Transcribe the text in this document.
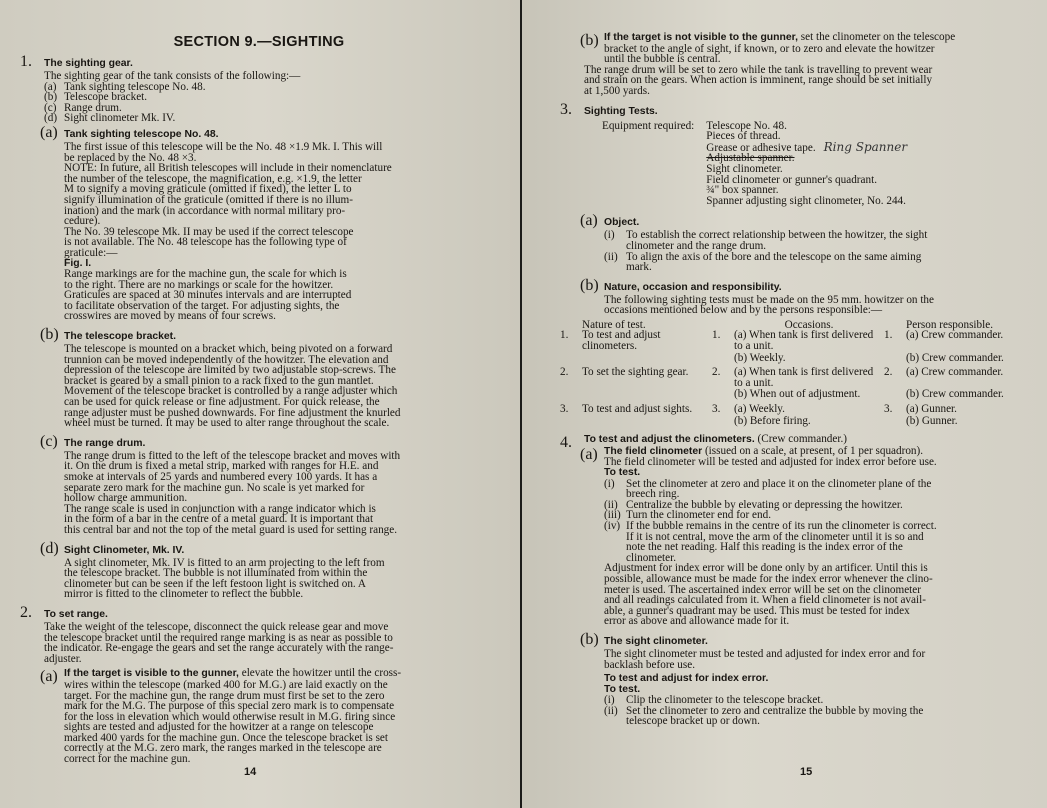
SECTION 9.—SIGHTING
1. The sighting gear.
The sighting gear of the tank consists of the following:—
(a) Tank sighting telescope No. 48.
(b) Telescope bracket.
(c) Range drum.
(d) Sight clinometer Mk. IV.
(a) Tank sighting telescope No. 48.
The first issue of this telescope will be the No. 48 ×1.9 Mk. I. This will
be replaced by the No. 48 ×3.
NOTE: In future, all British telescopes will include in their nomenclature
the number of the telescope, the magnification, e.g. ×1.9, the letter
M to signify a moving graticule (omitted if fixed), the letter L to
signify illumination of the graticule (omitted if there is no illum-
ination) and the mark (in accordance with normal military pro-
cedure).
The No. 39 telescope Mk. II may be used if the correct telescope
is not available. The No. 48 telescope has the following type of
graticule:—
Fig. I.
Range markings are for the machine gun, the scale for which is
to the right. There are no markings or scale for the howitzer.
Graticules are spaced at 30 minutes intervals and are interrupted
to facilitate observation of the target. For adjusting sights, the
crosswires are moved by means of four screws.
(b) The telescope bracket.
The telescope is mounted on a bracket which, being pivoted on a forward
trunnion can be moved independently of the howitzer. The elevation and
depression of the telescope are limited by two adjustable stop-screws. The
bracket is geared by a small pinion to a rack fixed to the gun mantlet.
Movement of the telescope bracket is controlled by a range adjuster which
can be used for quick release or fine adjustment. For quick release, the
range adjuster must be pushed downwards. For fine adjustment the knurled
wheel must be turned. It may be used to alter range throughout the scale.
(c) The range drum.
The range drum is fitted to the left of the telescope bracket and moves with
it. On the drum is fixed a metal strip, marked with ranges for H.E. and
smoke at intervals of 25 yards and numbered every 100 yards. It has a
separate zero mark for the machine gun. No scale is yet marked for
hollow charge ammunition.
The range scale is used in conjunction with a range indicator which is
in the form of a bar in the centre of a metal guard. It is important that
this central bar and not the top of the metal guard is used for setting range.
(d) Sight Clinometer, Mk. IV.
A sight clinometer, Mk. IV is fitted to an arm projecting to the left from
the telescope bracket. The bubble is not illuminated from within the
clinometer but can be seen if the left festoon light is switched on. A
mirror is fitted to the clinometer to reflect the bubble.
2. To set range.
Take the weight of the telescope, disconnect the quick release gear and move
the telescope bracket until the required range marking is as near as possible to
the indicator. Re-engage the gears and set the range accurately with the range-
adjuster.
(a) If the target is visible to the gunner, elevate the howitzer until the cross-
wires within the telescope (marked 400 for M.G.) are laid exactly on the
target. For the machine gun, the range drum must first be set to the zero
mark for the M.G. The purpose of this special zero mark is to compensate
for the loss in elevation which would otherwise result in M.G. firing since
sights are tested and adjusted for the howitzer at a range on telescope
marked 400 yards for the machine gun. Once the telescope bracket is set
correctly at the M.G. zero mark, the ranges marked in the telescope are
correct for the machine gun.
14
(b) If the target is not visible to the gunner, set the clinometer on the telescope
bracket to the angle of sight, if known, or to zero and elevate the howitzer
until the bubble is central.
The range drum will be set to zero while the tank is travelling to prevent wear
and strain on the gears. When action is imminent, range should be set initially
at 1,500 yards.
3. Sighting Tests.
Equipment required:	Telescope No. 48.
Pieces of thread.
Grease or adhesive tape. Ring Spanner
Adjustable spanner.
Sight clinometer.
Field clinometer or gunner's quadrant.
¾" box spanner.
Spanner adjusting sight clinometer, No. 244.
(a) Object.
(i) To establish the correct relationship between the howitzer, the sight
clinometer and the range drum.
(ii) To align the axis of the bore and the telescope on the same aiming
mark.
(b) Nature, occasion and responsibility.
The following sighting tests must be made on the 95 mm. howitzer on the
occasions mentioned below and by the persons responsible:—
	Nature of test.		Occasions.		Person responsible.
1.	To test and adjust clinometers.	1.	(a) When tank is first delivered to a unit.	1.	(a) Crew commander.
			(b) Weekly.		(b) Crew commander.
2.	To set the sighting gear.	2.	(a) When tank is first delivered to a unit.	2.	(a) Crew commander.
			(b) When out of adjustment.		(b) Crew commander.
3.	To test and adjust sights.	3.	(a) Weekly.	3.	(a) Gunner.
			(b) Before firing.		(b) Gunner.
4. To test and adjust the clinometers. (Crew commander.)
(a) The field clinometer (issued on a scale, at present, of 1 per squadron).
The field clinometer will be tested and adjusted for index error before use.
To test.
(i) Set the clinometer at zero and place it on the clinometer plane of the
breech ring.
(ii) Centralize the bubble by elevating or depressing the howitzer.
(iii) Turn the clinometer end for end.
(iv) If the bubble remains in the centre of its run the clinometer is correct.
If it is not central, move the arm of the clinometer until it is so and
note the net reading. Half this reading is the index error of the
clinometer.
Adjustment for index error will be done only by an artificer. Until this is
possible, allowance must be made for the index error whenever the clino-
meter is used. The ascertained index error will be set on the clinometer
and all readings calculated from it. When a field clinometer is not avail-
able, a gunner's quadrant may be used. This must be tested for index
error as above and allowance made for it.
(b) The sight clinometer.
The sight clinometer must be tested and adjusted for index error and for
backlash before use.
To test and adjust for index error.
To test.
(i) Clip the clinometer to the telescope bracket.
(ii) Set the clinometer to zero and centralize the bubble by moving the
telescope bracket up or down.
15
